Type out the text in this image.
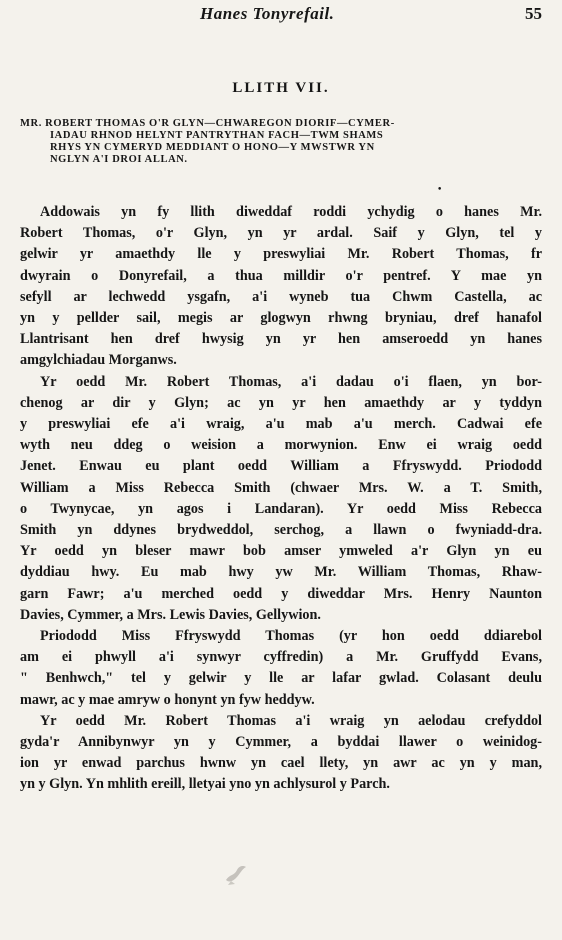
Hanes Tonyrefail.	55
LLITH VII.
MR. ROBERT THOMAS O'R GLYN—CHWAREGON DIORIF—CYMER-
IADAU RHNOD HELYNT PANTRYTHAN FACH—TWM SHAMS
RHYS YN CYMERYD MEDDIANT O HONO—Y MWSTWR YN
NGLYN A'I DROI ALLAN.
•
Addowais yn fy llith diweddaf roddi ychydig o hanes Mr.
Robert Thomas, o'r Glyn, yn yr ardal. Saif y Glyn, tel y
gelwir yr amaethdy lle y preswyliai Mr. Robert Thomas, fr
dwyrain o Donyrefail, a thua milldir o'r pentref. Y mae yn
sefyll ar lechwedd ysgafn, a'i wyneb tua Chwm Castella, ac
yn y pellder sail, megis ar glogwyn rhwng bryniau, dref hanafol
Llantrisant hen dref hwysig yn yr hen amseroedd yn hanes
amgylchiadau Morganws.
Yr oedd Mr. Robert Thomas, a'i dadau o'i flaen, yn bor-
chenog ar dir y Glyn; ac yn yr hen amaethdy ar y tyddyn
y preswyliai efe a'i wraig, a'u mab a'u merch. Cadwai efe
wyth neu ddeg o weision a morwynion. Enw ei wraig oedd
Jenet. Enwau eu plant oedd William a Ffryswydd. Priododd
William a Miss Rebecca Smith (chwaer Mrs. W. a T. Smith,
o Twynycae, yn agos i Landaran). Yr oedd Miss Rebecca
Smith yn ddynes brydweddol, serchog, a llawn o fwyniadd-dra.
Yr oedd yn bleser mawr bob amser ymweled a'r Glyn yn eu
dyddiau hwy. Eu mab hwy yw Mr. William Thomas, Rhaw-
garn Fawr; a'u merched oedd y diweddar Mrs. Henry Naunton
Davies, Cymmer, a Mrs. Lewis Davies, Gellywion.
Priododd Miss Ffryswydd Thomas (yr hon oedd ddiarebol
am ei phwyll a'i synwyr cyffredin) a Mr. Gruffydd Evans,
" Benhwch," tel y gelwir y lle ar lafar gwlad. Colasant deulu
mawr, ac y mae amryw o honynt yn fyw heddyw.
Yr oedd Mr. Robert Thomas a'i wraig yn aelodau crefyddol
gyda'r Annibynwyr yn y Cymmer, a byddai llawer o weinidog-
ion yr enwad parchus hwnw yn cael llety, yn awr ac yn y man,
yn y Glyn. Yn mhlith ereill, lletyai yno yn achlysurol y Parch.
